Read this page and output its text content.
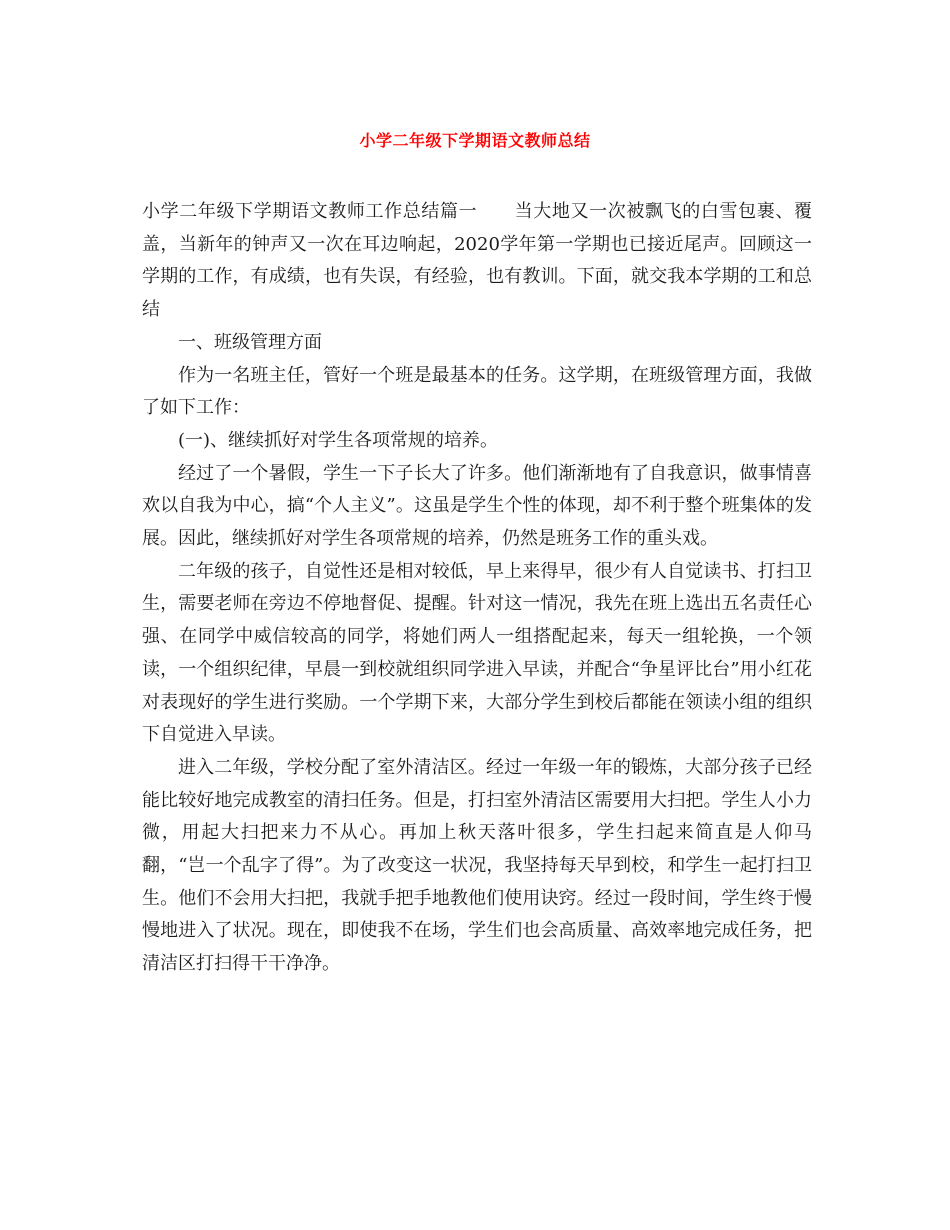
小学二年级下学期语文教师总结

小学二年级下学期语文教师工作总结篇一　　当大地又一次被飘飞的白雪包裹、覆盖，当新年的钟声又一次在耳边响起，2020学年第一学期也已接近尾声。回顾这一学期的工作，有成绩，也有失误，有经验，也有教训。下面，就交我本学期的工和总结

一、班级管理方面

作为一名班主任，管好一个班是最基本的任务。这学期，在班级管理方面，我做了如下工作：

(一)、继续抓好对学生各项常规的培养。

经过了一个暑假，学生一下子长大了许多。他们渐渐地有了自我意识，做事情喜欢以自我为中心，搞“个人主义”。这虽是学生个性的体现，却不利于整个班集体的发展。因此，继续抓好对学生各项常规的培养，仍然是班务工作的重头戏。

二年级的孩子，自觉性还是相对较低，早上来得早，很少有人自觉读书、打扫卫生，需要老师在旁边不停地督促、提醒。针对这一情况，我先在班上选出五名责任心强、在同学中威信较高的同学，将她们两人一组搭配起来，每天一组轮换，一个领读，一个组织纪律，早晨一到校就组织同学进入早读，并配合“争星评比台”用小红花对表现好的学生进行奖励。一个学期下来，大部分学生到校后都能在领读小组的组织下自觉进入早读。

进入二年级，学校分配了室外清洁区。经过一年级一年的锻炼，大部分孩子已经能比较好地完成教室的清扫任务。但是，打扫室外清洁区需要用大扫把。学生人小力微，用起大扫把来力不从心。再加上秋天落叶很多，学生扫起来简直是人仰马翻，“岂一个乱字了得”。为了改变这一状况，我坚持每天早到校，和学生一起打扫卫生。他们不会用大扫把，我就手把手地教他们使用诀窍。经过一段时间，学生终于慢慢地进入了状况。现在，即使我不在场，学生们也会高质量、高效率地完成任务，把清洁区打扫得干干净净。
